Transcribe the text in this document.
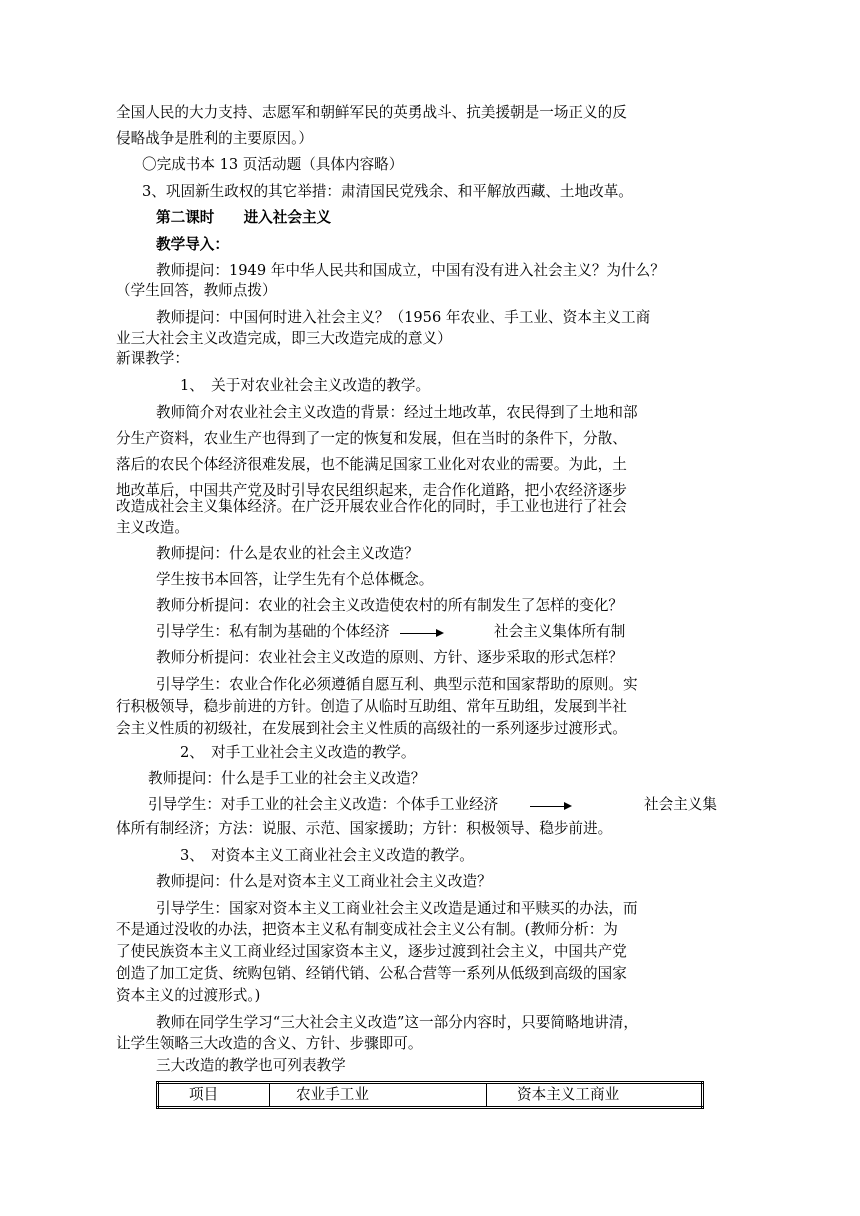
全国人民的大力支持、志愿军和朝鲜军民的英勇战斗、抗美援朝是一场正义的反
侵略战争是胜利的主要原因。）
〇完成书本 13 页活动题（具体内容略）
3、巩固新生政权的其它举措：肃清国民党残余、和平解放西藏、土地改革。
第二课时　　进入社会主义
教学导入：
教师提问：1949 年中华人民共和国成立，中国有没有进入社会主义？为什么？
（学生回答，教师点拨）
教师提问：中国何时进入社会主义？（1956 年农业、手工业、资本主义工商
业三大社会主义改造完成，即三大改造完成的意义）
新课教学：
1、　关于对农业社会主义改造的教学。
教师简介对农业社会主义改造的背景：经过土地改革，农民得到了土地和部
分生产资料，农业生产也得到了一定的恢复和发展，但在当时的条件下，分散、
落后的农民个体经济很难发展，也不能满足国家工业化对农业的需要。为此，土
地改革后，中国共产党及时引导农民组织起来，走合作化道路，把小农经济逐步
改造成社会主义集体经济。在广泛开展农业合作化的同时，手工业也进行了社会
主义改造。
教师提问：什么是农业的社会主义改造？
学生按书本回答，让学生先有个总体概念。
教师分析提问：农业的社会主义改造使农村的所有制发生了怎样的变化？
引导学生：私有制为基础的个体经济	社会主义集体所有制
教师分析提问：农业社会主义改造的原则、方针、逐步采取的形式怎样？
引导学生：农业合作化必须遵循自愿互利、典型示范和国家帮助的原则。实
行积极领导，稳步前进的方针。创造了从临时互助组、常年互助组，发展到半社
会主义性质的初级社，在发展到社会主义性质的高级社的一系列逐步过渡形式。
2、　对手工业社会主义改造的教学。
教师提问：什么是手工业的社会主义改造？
引导学生：对手工业的社会主义改造：个体手工业经济	社会主义集
体所有制经济；方法：说服、示范、国家援助；方针：积极领导、稳步前进。
3、　对资本主义工商业社会主义改造的教学。
教师提问：什么是对资本主义工商业社会主义改造？
引导学生：国家对资本主义工商业社会主义改造是通过和平赎买的办法，而
不是通过没收的办法，把资本主义私有制变成社会主义公有制。(教师分析：为
了使民族资本主义工商业经过国家资本主义，逐步过渡到社会主义，中国共产党
创造了加工定货、统购包销、经销代销、公私合营等一系列从低级到高级的国家
资本主义的过渡形式。)
教师在同学生学习“三大社会主义改造”这一部分内容时，只要简略地讲清，
让学生领略三大改造的含义、方针、步骤即可。
三大改造的教学也可列表教学
项目	农业手工业	资本主义工商业
